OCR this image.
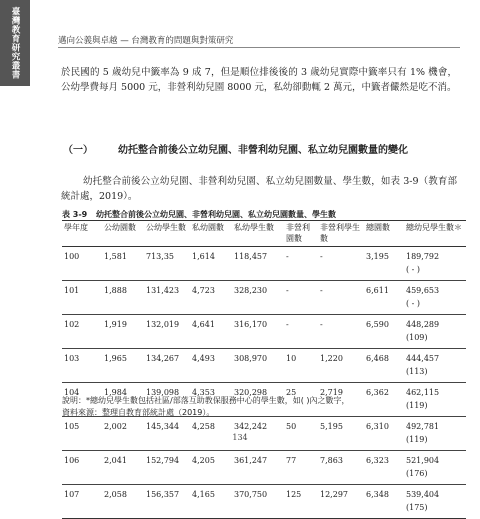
臺灣教育研究叢書	邁向公義與卓越 — 台灣教育的問題與對策研究

於民國的 5 歲幼兒中籤率為 9 成 7，但是順位排後後的 3 歲幼兒實際中籤率只有 1% 機會，公幼學費每月 5000 元，非營利幼兒園 8000 元，私幼卻動輒 2 萬元，中籤者儼然是吃不消。

（一）	幼托整合前後公立幼兒園、非營利幼兒園、私立幼兒園數量的變化

幼托整合前後公立幼兒園、非營利幼兒園、私立幼兒園數量、學生數，如表 3-9（教育部統計處，2019）。

表 3-9 幼托整合前後公立幼兒園、非營利幼兒園、私立幼兒園數量、學生數
學年度	公幼園數	公幼學生數	私幼園數	私幼學生數	非營利園數	非營利學生數	總園數	總幼兒學生數＊
100	1,581	713,35	1,614	118,457	-	-	3,195	189,792
								( - )
101	1,888	131,423	4,723	328,230	-	-	6,611	459,653
								( - )
102	1,919	132,019	4,641	316,170	-	-	6,590	448,289
								(109)
103	1,965	134,267	4,493	308,970	10	1,220	6,468	444,457
								(113)
104	1,984	139,098	4,353	320,298	25	2,719	6,362	462,115
								(119)
105	2,002	145,344	4,258	342,242	50	5,195	6,310	492,781
								(119)
106	2,041	152,794	4,205	361,247	77	7,863	6,323	521,904
								(176)
107	2,058	156,357	4,165	370,750	125	12,297	6,348	539,404
								(175)
說明：*總幼兒學生數包括社區/部落互助教保服務中心的學生數，如( )內之數字，
資料來源：整理自教育部統計處（2019）。
134
